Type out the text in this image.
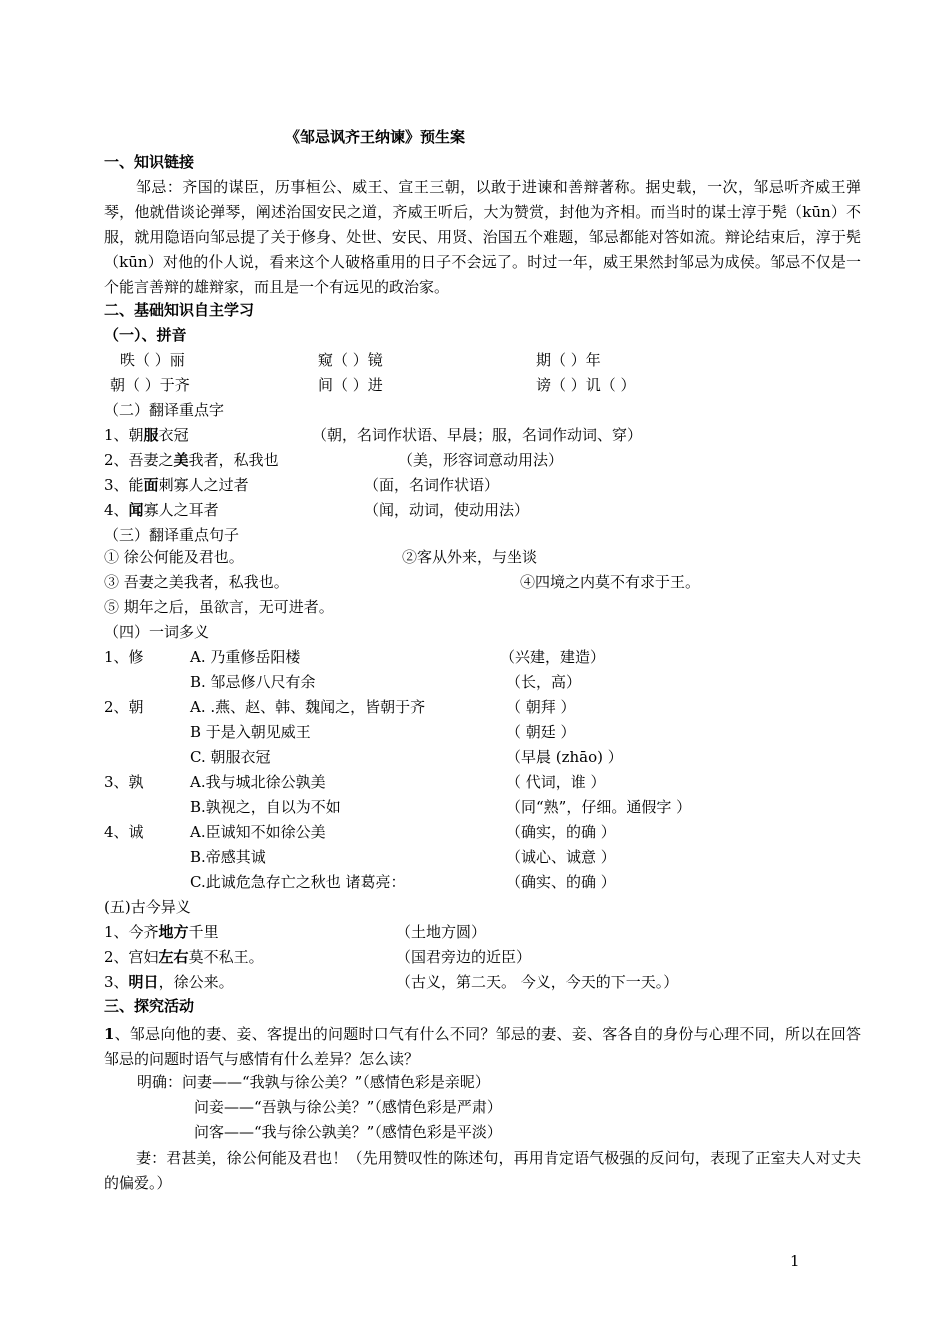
《邹忌讽齐王纳谏》预生案
一、知识链接
邹忌：齐国的谋臣，历事桓公、威王、宣王三朝，以敢于进谏和善辩著称。据史载，一次，邹忌听齐威王弹琴，他就借谈论弹琴，阐述治国安民之道，齐威王听后，大为赞赏，封他为齐相。而当时的谋士淳于髡（kūn）不服，就用隐语向邹忌提了关于修身、处世、安民、用贤、治国五个难题，邹忌都能对答如流。辩论结束后，淳于髡（kūn）对他的仆人说，看来这个人破格重用的日子不会远了。时过一年，威王果然封邹忌为成侯。邹忌不仅是一个能言善辩的雄辩家，而且是一个有远见的政治家。
二、基础知识自主学习
（一）、拼音
昳（ ）丽	窥（ ）镜	期（ ）年
朝（ ）于齐	间（ ）进	谤（ ）讥（ ）
（二）翻译重点字
1、朝服衣冠	（朝，名词作状语、早晨；服，名词作动词、穿）
2、吾妻之美我者，私我也	（美，形容词意动用法）
3、能面刺寡人之过者	（面，名词作状语）
4、闻寡人之耳者	（闻，动词，使动用法）
（三）翻译重点句子
① 徐公何能及君也。	②客从外来，与坐谈
③ 吾妻之美我者，私我也。	④四境之内莫不有求于王。
⑤ 期年之后，虽欲言，无可进者。
（四）一词多义
1、修	A. 乃重修岳阳楼	（兴建，建造）
B. 邹忌修八尺有余	（长，高）
2、朝	A. .燕、赵、韩、魏闻之，皆朝于齐	（ 朝拜 ）
B 于是入朝见威王	（ 朝廷 ）
C. 朝服衣冠	（早晨 (zhāo) ）
3、孰	A.我与城北徐公孰美	（ 代词，谁 ）
B.孰视之，自以为不如	（同“熟”，仔细。通假字 ）
4、诚	A.臣诚知不如徐公美	（确实，的确 ）
B.帝感其诚	（诚心、诚意 ）
C.此诚危急存亡之秋也 诸葛亮：	（确实、的确 ）
(五)古今异义
1、今齐地方千里	（土地方圆）
2、宫妇左右莫不私王。	（国君旁边的近臣）
3、明日，徐公来。	（古义，第二天。 今义，今天的下一天。）
三、探究活动
1、邹忌向他的妻、妾、客提出的问题时口气有什么不同？邹忌的妻、妾、客各自的身份与心理不同，所以在回答邹忌的问题时语气与感情有什么差异？怎么读？
明确：问妻——“我孰与徐公美？”（感情色彩是亲昵）
问妾——“吾孰与徐公美？”（感情色彩是严肃）
问客——“我与徐公孰美？”（感情色彩是平淡）
妻：君甚美，徐公何能及君也！（先用赞叹性的陈述句，再用肯定语气极强的反问句，表现了正室夫人对丈夫的偏爱。）
1
